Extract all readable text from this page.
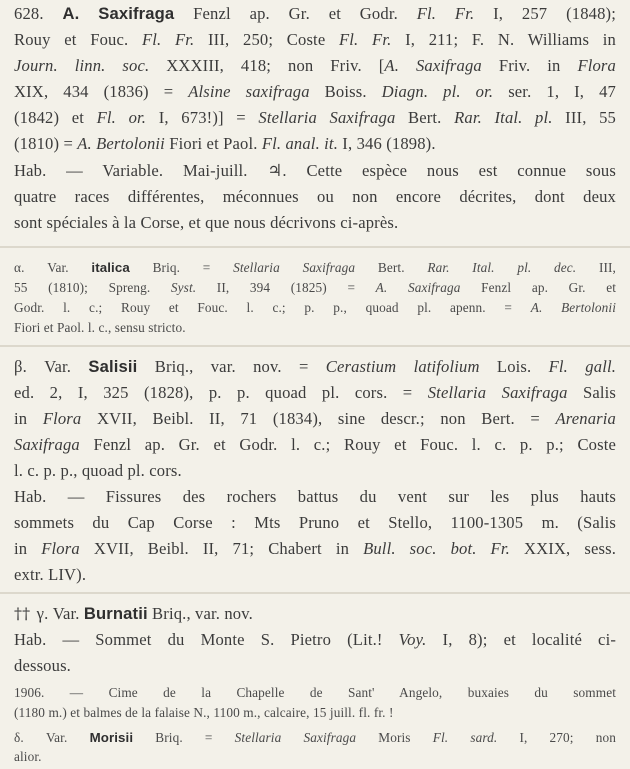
628. A. Saxifraga Fenzl ap. Gr. et Godr. Fl. Fr. I, 257 (1848);
Rouy et Fouc. Fl. Fr. III, 250; Coste Fl. Fr. I, 211; F. N. Williams in
Journ. linn. soc. XXXIII, 418; non Friv. [A. Saxifraga Friv. in Flora
XIX, 434 (1836) = Alsine saxifraga Boiss. Diagn. pl. or. ser. 1, I, 47
(1842) et Fl. or. I, 673!)] = Stellaria Saxifraga Bert. Rar. Ital. pl. III, 55
(1810) = A. Bertolonii Fiori et Paol. Fl. anal. it. I, 346 (1898).
Hab. — Variable. Mai-juill. ♃. Cette espèce nous est connue sous
quatre races différentes, méconnues ou non encore décrites, dont deux
sont spéciales à la Corse, et que nous décrivons ci-après.
α. Var. italica Briq. = Stellaria Saxifraga Bert. Rar. Ital. pl. dec. III,
55 (1810); Spreng. Syst. II, 394 (1825) = A. Saxifraga Fenzl ap. Gr. et
Godr. l. c.; Rouy et Fouc. l. c.; p. p., quoad pl. apenn. = A. Bertolonii
Fiori et Paol. l. c., sensu stricto.
β. Var. Salisii Briq., var. nov. = Cerastium latifolium Lois. Fl. gall.
ed. 2, I, 325 (1828), p. p. quoad pl. cors. = Stellaria Saxifraga Salis
in Flora XVII, Beibl. II, 71 (1834), sine descr.; non Bert. = Arenaria
Saxifraga Fenzl ap. Gr. et Godr. l. c.; Rouy et Fouc. l. c. p. p.; Coste
l. c. p. p., quoad pl. cors.
Hab. — Fissures des rochers battus du vent sur les plus hauts
sommets du Cap Corse : Mts Pruno et Stello, 1100-1305 m. (Salis
in Flora XVII, Beibl. II, 71; Chabert in Bull. soc. bot. Fr. XXIX, sess.
extr. LIV).
†† γ. Var. Burnatii Briq., var. nov.
Hab. — Sommet du Monte S. Pietro (Lit.! Voy. I, 8); et localité ci-
dessous.
1906. — Cime de la Chapelle de Sant' Angelo, buxaies du sommet
(1180 m.) et balmes de la falaise N., 1100 m., calcaire, 15 juill. fl. fr. !
δ. Var. Morisii Briq. = Stellaria Saxifraga Moris Fl. sard. I, 270; non
alior.
